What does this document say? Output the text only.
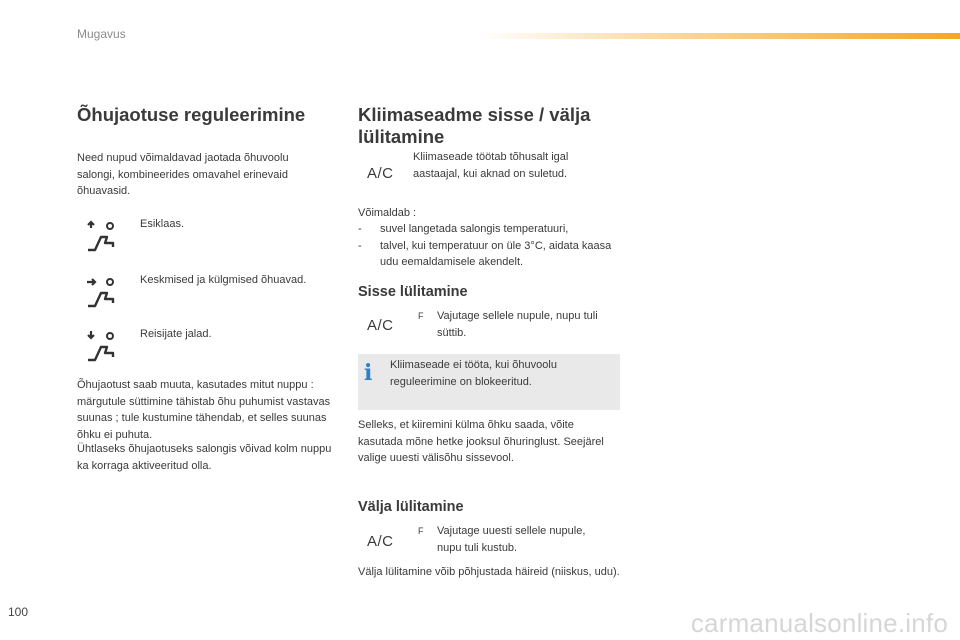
Mugavus
100	carmanualsonline.info
Õhujaotuse reguleerimine

Need nupud võimaldavad jaotada õhuvoolu salongi, kombineerides omavahel erinevaid õhuavasid.

Esiklaas.
Keskmised ja külgmised õhuavad.
Reisijate jalad.

Õhujaotust saab muuta, kasutades mitut nuppu : märgutule süttimine tähistab õhu puhumist vastavas suunas ; tule kustumine tähendab, et selles suunas õhku ei puhuta.

Ühtlaseks õhujaotuseks salongis võivad kolm nuppu ka korraga aktiveeritud olla.

Kliimaseadme sisse / välja lülitamine
A/C

Kliimaseade töötab tõhusalt igal aastaajal, kui aknad on suletud.

Võimaldab :

- suvel langetada salongis temperatuuri,
- talvel, kui temperatuur on üle 3°C, aidata kaasa udu eemaldamisele akendelt.
Sisse lülitamine
A/C
F Vajutage sellele nupule, nupu tuli süttib.
i	Kliimaseade ei tööta, kui õhuvoolu reguleerimine on blokeeritud.

Selleks, et kiiremini külma õhku saada, võite kasutada mõne hetke jooksul õhuringlust. Seejärel valige uuesti välisõhu sissevool.

Välja lülitamine
A/C
F Vajutage uuesti sellele nupule, nupu tuli kustub.

Välja lülitamine võib põhjustada häireid (niiskus, udu).
